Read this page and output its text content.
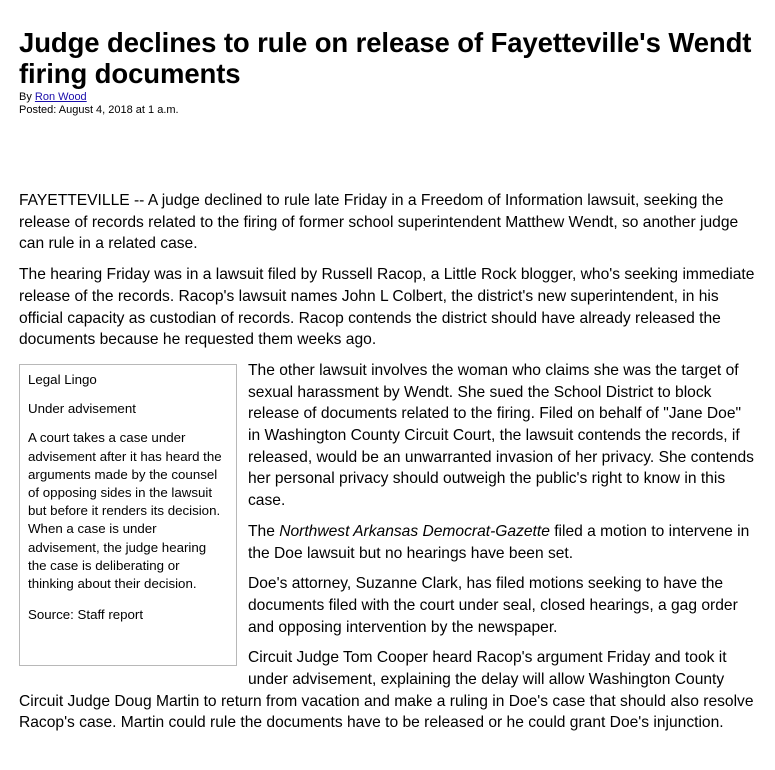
Judge declines to rule on release of Fayetteville's Wendt firing documents
By Ron Wood
Posted: August 4, 2018 at 1 a.m.

FAYETTEVILLE -- A judge declined to rule late Friday in a Freedom of Information lawsuit, seeking the release of records related to the firing of former school superintendent Matthew Wendt, so another judge can rule in a related case.

The hearing Friday was in a lawsuit filed by Russell Racop, a Little Rock blogger, who's seeking immediate release of the records. Racop's lawsuit names John L Colbert, the district's new superintendent, in his official capacity as custodian of records. Racop contends the district should have already released the documents because he requested them weeks ago.

Legal Lingo

Under advisement

A court takes a case under advisement after it has heard the arguments made by the counsel of opposing sides in the lawsuit but before it renders its decision. When a case is under advisement, the judge hearing the case is deliberating or thinking about their decision.

Source: Staff report

The other lawsuit involves the woman who claims she was the target of sexual harassment by Wendt. She sued the School District to block release of documents related to the firing. Filed on behalf of "Jane Doe" in Washington County Circuit Court, the lawsuit contends the records, if released, would be an unwarranted invasion of her privacy. She contends her personal privacy should outweigh the public's right to know in this case.

The Northwest Arkansas Democrat-Gazette filed a motion to intervene in the Doe lawsuit but no hearings have been set.

Doe's attorney, Suzanne Clark, has filed motions seeking to have the documents filed with the court under seal, closed hearings, a gag order and opposing intervention by the newspaper.

Circuit Judge Tom Cooper heard Racop's argument Friday and took it under advisement, explaining the delay will allow Washington County Circuit Judge Doug Martin to return from vacation and make a ruling in Doe's case that should also resolve Racop's case. Martin could rule the documents have to be released or he could grant Doe's injunction.
